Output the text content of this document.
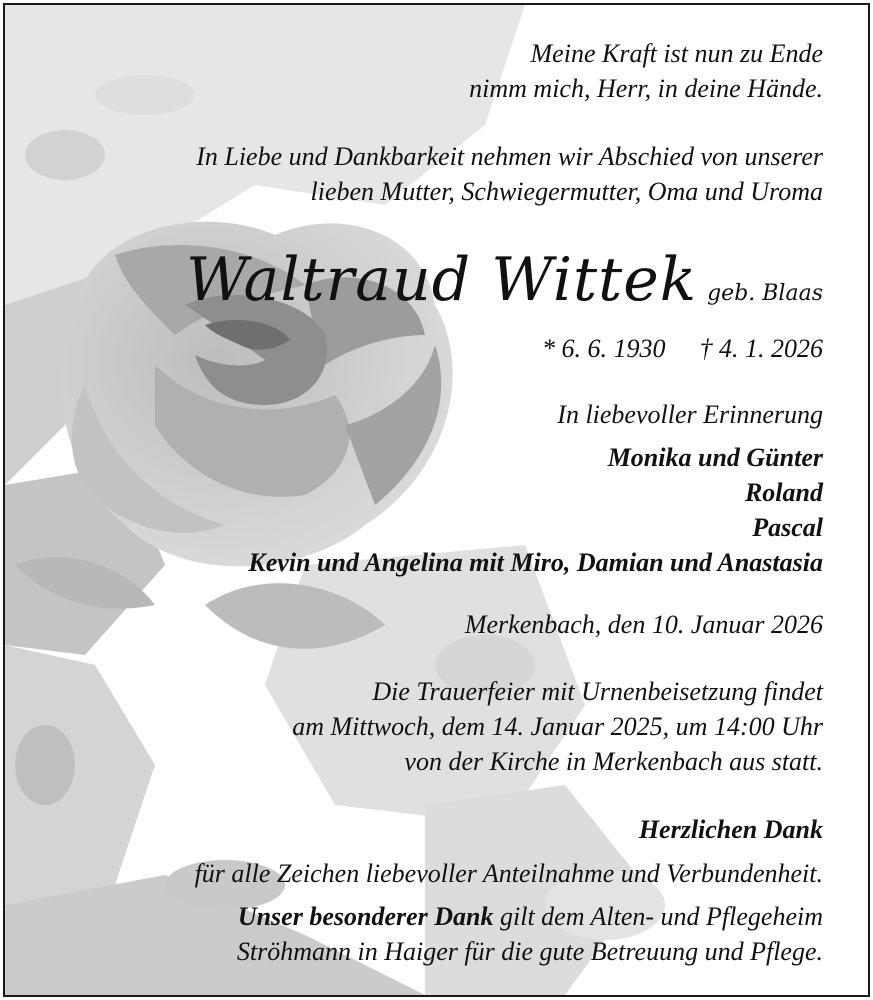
Meine Kraft ist nun zu Ende
nimm mich, Herr, in deine Hände.
In Liebe und Dankbarkeit nehmen wir Abschied von unserer
lieben Mutter, Schwiegermutter, Oma und Uroma
Waltraud Wittek geb. Blaas
* 6. 6. 1930 † 4. 1. 2026
In liebevoller Erinnerung
Monika und Günter
Roland
Pascal
Kevin und Angelina mit Miro, Damian und Anastasia
Merkenbach, den 10. Januar 2026
Die Trauerfeier mit Urnenbeisetzung findet
am Mittwoch, dem 14. Januar 2025, um 14:00 Uhr
von der Kirche in Merkenbach aus statt.
Herzlichen Dank
für alle Zeichen liebevoller Anteilnahme und Verbundenheit.
Unser besonderer Dank gilt dem Alten- und Pflegeheim
Ströhmann in Haiger für die gute Betreuung und Pflege.
